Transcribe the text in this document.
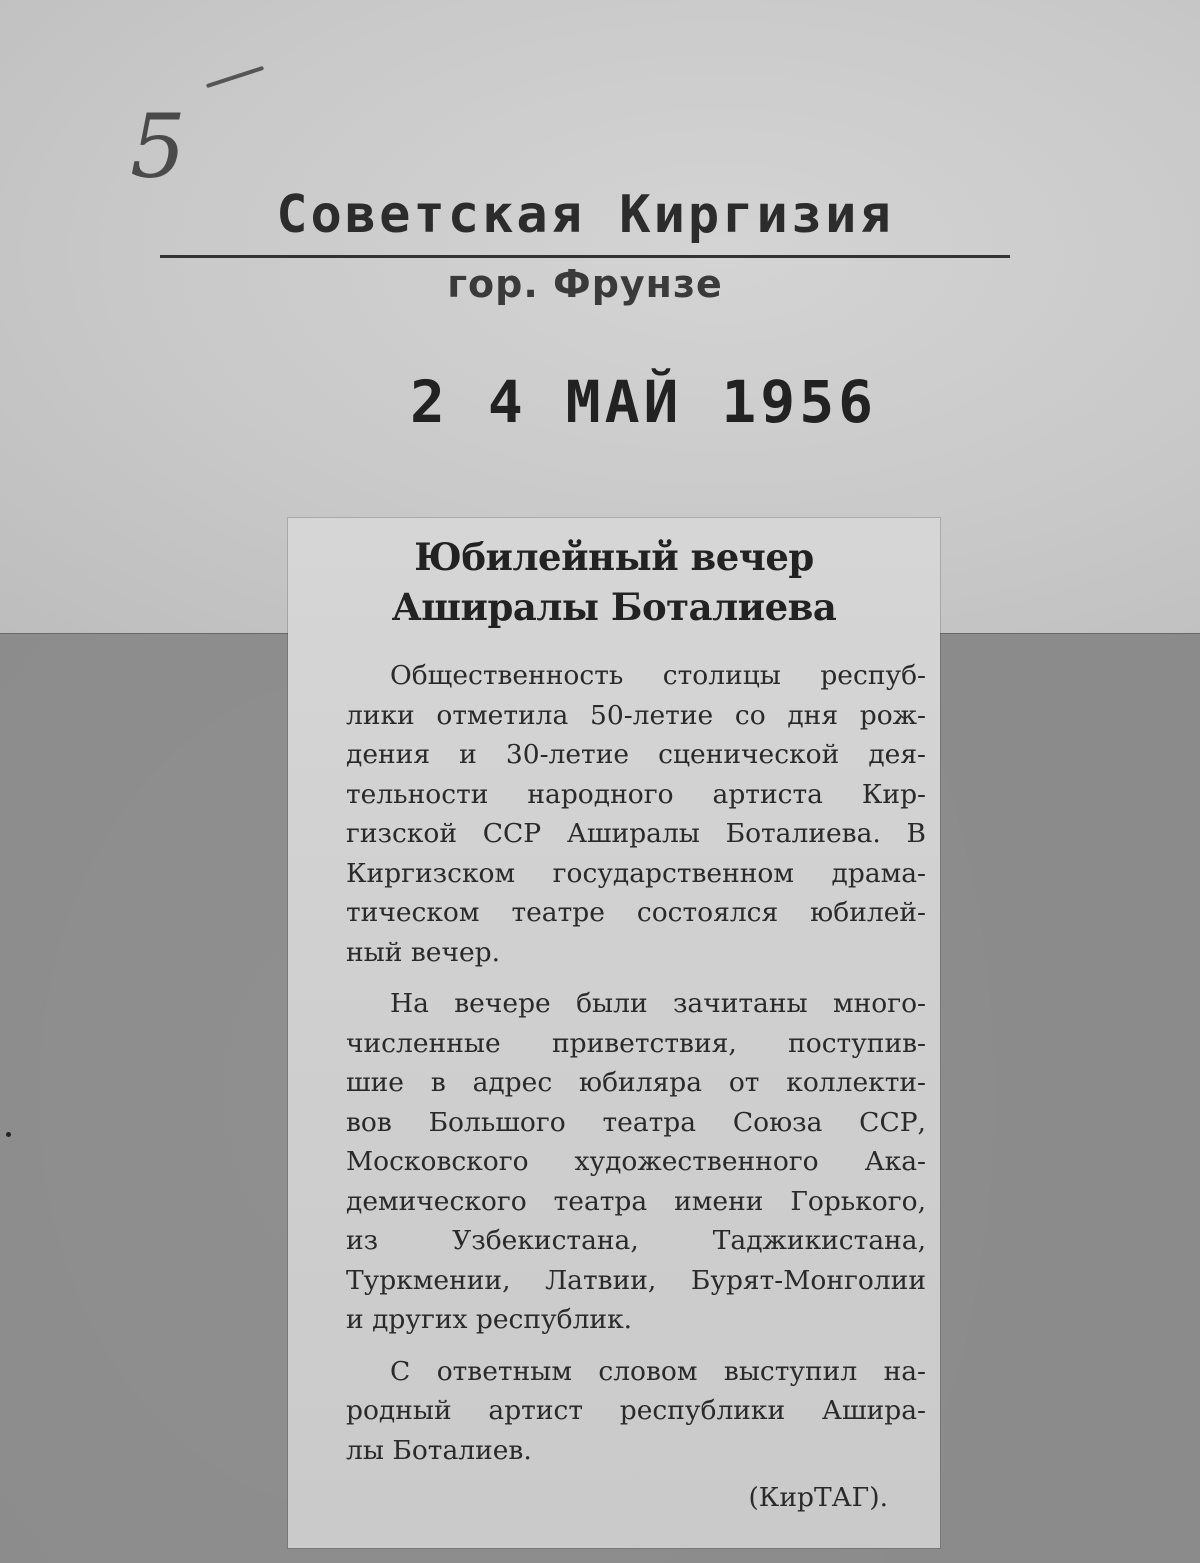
5
Советская Киргизия
гор. Фрунзе
2 4 МАЙ 1956
Юбилейный вечер
Аширалы Боталиева
Общественность столицы респуб-
лики отметила 50-летие со дня рож-
дения и 30-летие сценической дея-
тельности народного артиста Кир-
гизской ССР Аширалы Боталиева. В
Киргизском государственном драма-
тическом театре состоялся юбилей-
ный вечер.
На вечере были зачитаны много-
численные приветствия, поступив-
шие в адрес юбиляра от коллекти-
вов Большого театра Союза ССР,
Московского художественного Ака-
демического театра имени Горького,
из Узбекистана, Таджикистана,
Туркмении, Латвии, Бурят-Монголии
и других республик.
С ответным словом выступил на-
родный артист республики Ашира-
лы Боталиев.
(КирТАГ).
